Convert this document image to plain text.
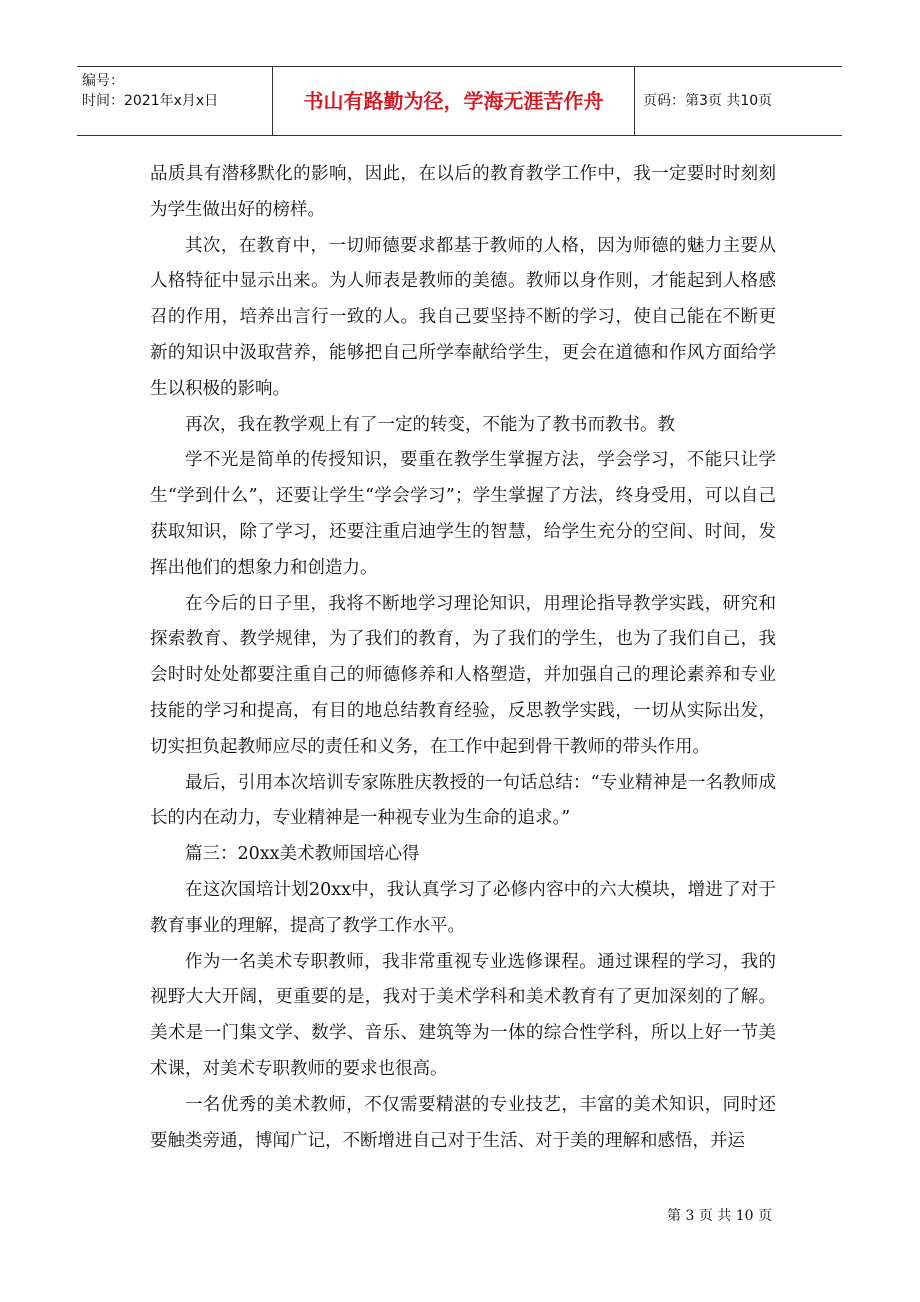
编号：
时间：2021年x月x日	书山有路勤为径，学海无涯苦作舟	页码：第3页 共10页

品质具有潜移默化的影响，因此，在以后的教育教学工作中，我一定要时时刻刻为学生做出好的榜样。

其次，在教育中，一切师德要求都基于教师的人格，因为师德的魅力主要从人格特征中显示出来。为人师表是教师的美德。教师以身作则，才能起到人格感召的作用，培养出言行一致的人。我自己要坚持不断的学习，使自己能在不断更新的知识中汲取营养，能够把自己所学奉献给学生，更会在道德和作风方面给学生以积极的影响。

再次，我在教学观上有了一定的转变，不能为了教书而教书。教

学不光是简单的传授知识，要重在教学生掌握方法，学会学习，不能只让学生“学到什么”，还要让学生“学会学习”；学生掌握了方法，终身受用，可以自己获取知识，除了学习，还要注重启迪学生的智慧，给学生充分的空间、时间，发挥出他们的想象力和创造力。

在今后的日子里，我将不断地学习理论知识，用理论指导教学实践，研究和探索教育、教学规律，为了我们的教育，为了我们的学生，也为了我们自己，我会时时处处都要注重自己的师德修养和人格塑造，并加强自己的理论素养和专业技能的学习和提高，有目的地总结教育经验，反思教学实践，一切从实际出发，切实担负起教师应尽的责任和义务，在工作中起到骨干教师的带头作用。

最后，引用本次培训专家陈胜庆教授的一句话总结：“专业精神是一名教师成长的内在动力，专业精神是一种视专业为生命的追求。”

篇三：20xx美术教师国培心得

在这次国培计划20xx中，我认真学习了必修内容中的六大模块，增进了对于教育事业的理解，提高了教学工作水平。

作为一名美术专职教师，我非常重视专业选修课程。通过课程的学习，我的视野大大开阔，更重要的是，我对于美术学科和美术教育有了更加深刻的了解。美术是一门集文学、数学、音乐、建筑等为一体的综合性学科，所以上好一节美术课，对美术专职教师的要求也很高。

一名优秀的美术教师，不仅需要精湛的专业技艺，丰富的美术知识，同时还要触类旁通，博闻广记，不断增进自己对于生活、对于美的理解和感悟，并运

第 3 页 共 10 页
